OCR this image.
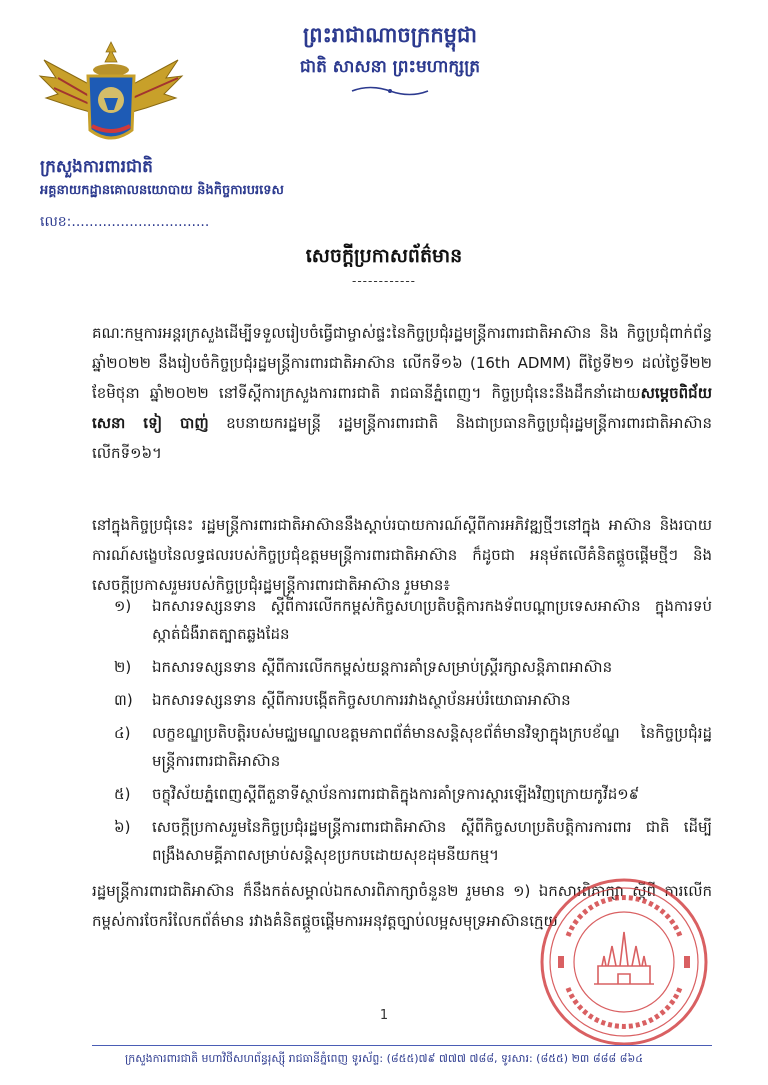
ព្រះរាជាណាចក្រកម្ពុជា
ជាតិ សាសនា ព្រះមហាក្សត្រ
ក្រសួងការពារជាតិ
អគ្គនាយកដ្ឋានគោលនយោបាយ និងកិច្ចការបរទេស
លេខ:...............................
សេចក្តីប្រកាសព័ត៌មាន
------------

គណៈកម្មការអន្តរក្រសួងដើម្បីទទួលរៀបចំធ្វើជាម្ចាស់ផ្ទះនៃកិច្ចប្រជុំរដ្ឋមន្ត្រីការពារជាតិអាស៊ាន និង កិច្ចប្រជុំពាក់ព័ន្ធឆ្នាំ២០២២ នឹងរៀបចំកិច្ចប្រជុំរដ្ឋមន្ត្រីការពារជាតិអាស៊ាន លើកទី១៦ (16th ADMM) ពីថ្ងៃទី២១ ដល់ថ្ងៃទី២២ ខែមិថុនា ឆ្នាំ២០២២ នៅទីស្តីការក្រសួងការពារជាតិ រាជធានីភ្នំពេញ។ កិច្ចប្រជុំនេះនឹងដឹកនាំដោយសម្តេចពិជ័យសេនា ទៀ បាញ់ ឧបនាយករដ្ឋមន្ត្រី រដ្ឋមន្ត្រីការពារជាតិ និងជាប្រធានកិច្ចប្រជុំរដ្ឋមន្ត្រីការពារជាតិអាស៊ាន លើកទី១៦។

នៅក្នុងកិច្ចប្រជុំនេះ រដ្ឋមន្ត្រីការពារជាតិអាស៊ាននឹងស្តាប់របាយការណ៍ស្តីពីការអភិវឌ្ឍថ្មីៗនៅក្នុង អាស៊ាន និងរបាយការណ៍សង្ខេបនៃលទ្ធផលរបស់កិច្ចប្រជុំឧត្តមមន្ត្រីការពារជាតិអាស៊ាន ក៏ដូចជា អនុម័តលើគំនិតផ្តួចផ្តើមថ្មីៗ និងសេចក្តីប្រកាសរួមរបស់កិច្ចប្រជុំរដ្ឋមន្ត្រីការពារជាតិអាស៊ាន រួមមាន៖

១)	ឯកសារទស្សនទាន ស្តីពីការលើកកម្ពស់កិច្ចសហប្រតិបត្តិការកងទ័ពបណ្តាប្រទេសអាស៊ាន ក្នុងការទប់ស្កាត់ជំងឺរាតត្បាតឆ្លងដែន
២)	ឯកសារទស្សនទាន ស្តីពីការលើកកម្ពស់យន្តការគាំទ្រសម្រាប់ស្ត្រីរក្សាសន្តិភាពអាស៊ាន
៣)	ឯកសារទស្សនទាន ស្តីពីការបង្កើតកិច្ចសហការរវាងស្ថាប័នអប់រំយោធាអាស៊ាន
៤)	លក្ខខណ្ឌប្រតិបត្តិរបស់មជ្ឈមណ្ឌលឧត្តមភាពព័ត៌មានសន្តិសុខព័ត៌មានវិទ្យាក្នុងក្របខ័ណ្ឌ នៃកិច្ចប្រជុំរដ្ឋមន្ត្រីការពារជាតិអាស៊ាន
៥)	ចក្ខុវិស័យភ្នំពេញស្តីពីតួនាទីស្ថាប័នការពារជាតិក្នុងការគាំទ្រការស្តារឡើងវិញក្រោយកូវីដ១៩
៦)	សេចក្តីប្រកាសរួមនៃកិច្ចប្រជុំរដ្ឋមន្ត្រីការពារជាតិអាស៊ាន ស្តីពីកិច្ចសហប្រតិបត្តិការការពារ ជាតិ ដើម្បីពង្រឹងសាមគ្គីភាពសម្រាប់សន្តិសុខប្រកបដោយសុខដុមនីយកម្ម។

រដ្ឋមន្ត្រីការពារជាតិអាស៊ាន ក៏នឹងកត់សម្គាល់ឯកសារពិភាក្សាចំនួន២ រួមមាន ១) ឯកសារពិភាក្សា ស្តីពី ការលើកកម្ពស់ការចែករំលែកព័ត៌មាន រវាងគំនិតផ្តួចផ្តើមការអនុវត្តច្បាប់លម្អសមុទ្រអាស៊ានក្មេយ

1
ក្រសួងការពារជាតិ មហាវិថីសហព័ន្ធរុស្ស៊ី រាជធានីភ្នំពេញ ទូរស័ព្ទ: (៨៥៥)៧៩ ៧៧៧ ៧៨៨, ទូរសារ: (៨៥៥) ២៣ ៨៨៨ ៨៦៤
